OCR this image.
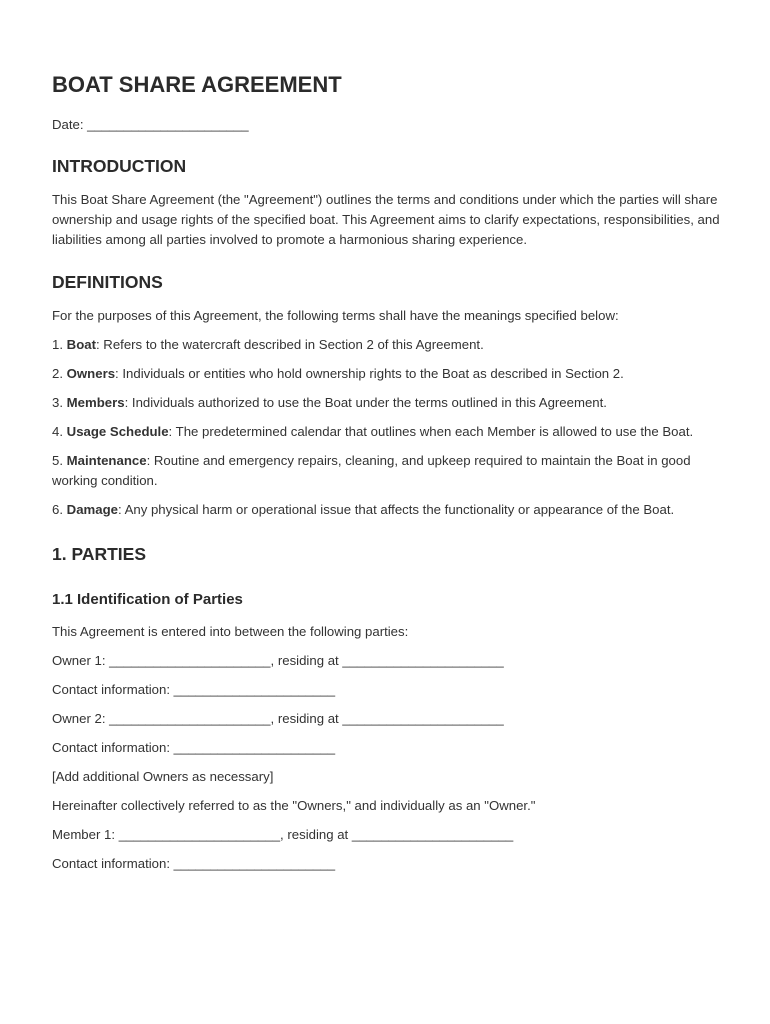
BOAT SHARE AGREEMENT

Date: ______________________

INTRODUCTION

This Boat Share Agreement (the "Agreement") outlines the terms and conditions under which the parties will share ownership and usage rights of the specified boat. This Agreement aims to clarify expectations, responsibilities, and liabilities among all parties involved to promote a harmonious sharing experience.

DEFINITIONS

For the purposes of this Agreement, the following terms shall have the meanings specified below:

1. Boat: Refers to the watercraft described in Section 2 of this Agreement.

2. Owners: Individuals or entities who hold ownership rights to the Boat as described in Section 2.

3. Members: Individuals authorized to use the Boat under the terms outlined in this Agreement.

4. Usage Schedule: The predetermined calendar that outlines when each Member is allowed to use the Boat.

5. Maintenance: Routine and emergency repairs, cleaning, and upkeep required to maintain the Boat in good working condition.

6. Damage: Any physical harm or operational issue that affects the functionality or appearance of the Boat.

1. PARTIES
1.1 Identification of Parties

This Agreement is entered into between the following parties:

Owner 1: ______________________, residing at ______________________

Contact information: ______________________

Owner 2: ______________________, residing at ______________________

Contact information: ______________________

[Add additional Owners as necessary]

Hereinafter collectively referred to as the "Owners," and individually as an "Owner."

Member 1: ______________________, residing at ______________________

Contact information: ______________________
